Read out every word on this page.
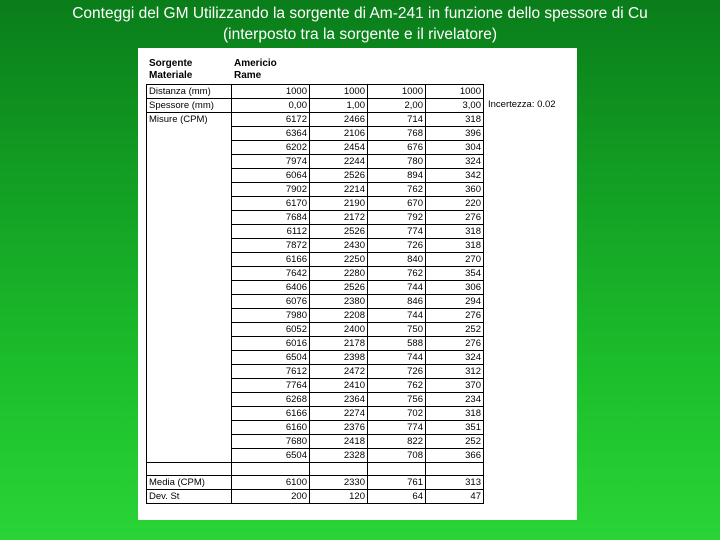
Conteggi del GM Utilizzando la sorgente di Am-241 in funzione dello spessore di Cu
(interposto tra la sorgente e il rivelatore)
Sorgente	Americio
Materiale	Rame
Distanza (mm)	1000	1000	1000	1000
Spessore (mm)	0,00	1,00	2,00	3,00
Misure (CPM)	6172	2466	714	318
	6364	2106	768	396
	6202	2454	676	304
	7974	2244	780	324
	6064	2526	894	342
	7902	2214	762	360
	6170	2190	670	220
	7684	2172	792	276
	6112	2526	774	318
	7872	2430	726	318
	6166	2250	840	270
	7642	2280	762	354
	6406	2526	744	306
	6076	2380	846	294
	7980	2208	744	276
	6052	2400	750	252
	6016	2178	588	276
	6504	2398	744	324
	7612	2472	726	312
	7764	2410	762	370
	6268	2364	756	234
	6166	2274	702	318
	6160	2376	774	351
	7680	2418	822	252
	6504	2328	708	366

Media (CPM)	6100	2330	761	313
Dev. St	200	120	64	47
Incertezza: 0.02
